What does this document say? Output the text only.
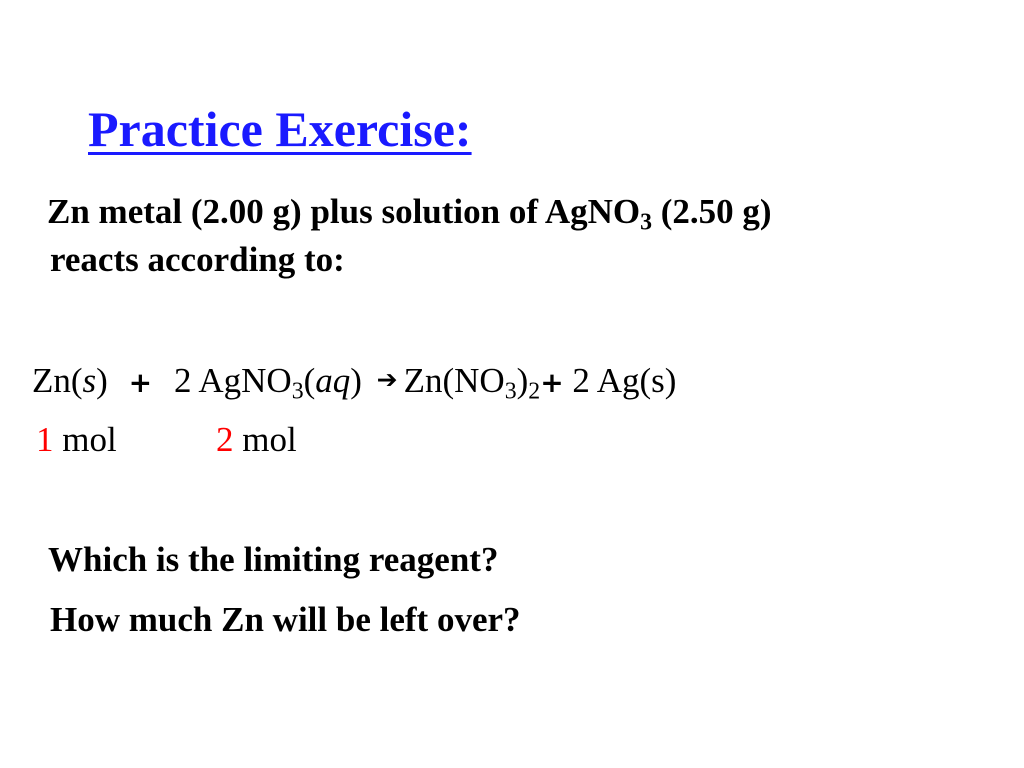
Practice Exercise:
Zn metal (2.00 g) plus solution of AgNO$_3$ (2.50 g)
reacts according to:
Zn(s) + 2 AgNO$_3$(aq) ➔ $Zn(NO_3)_2+ 2$ Ag(s)
1 mol	2 mol
Which is the limiting reagent?
How much Zn will be left over?
